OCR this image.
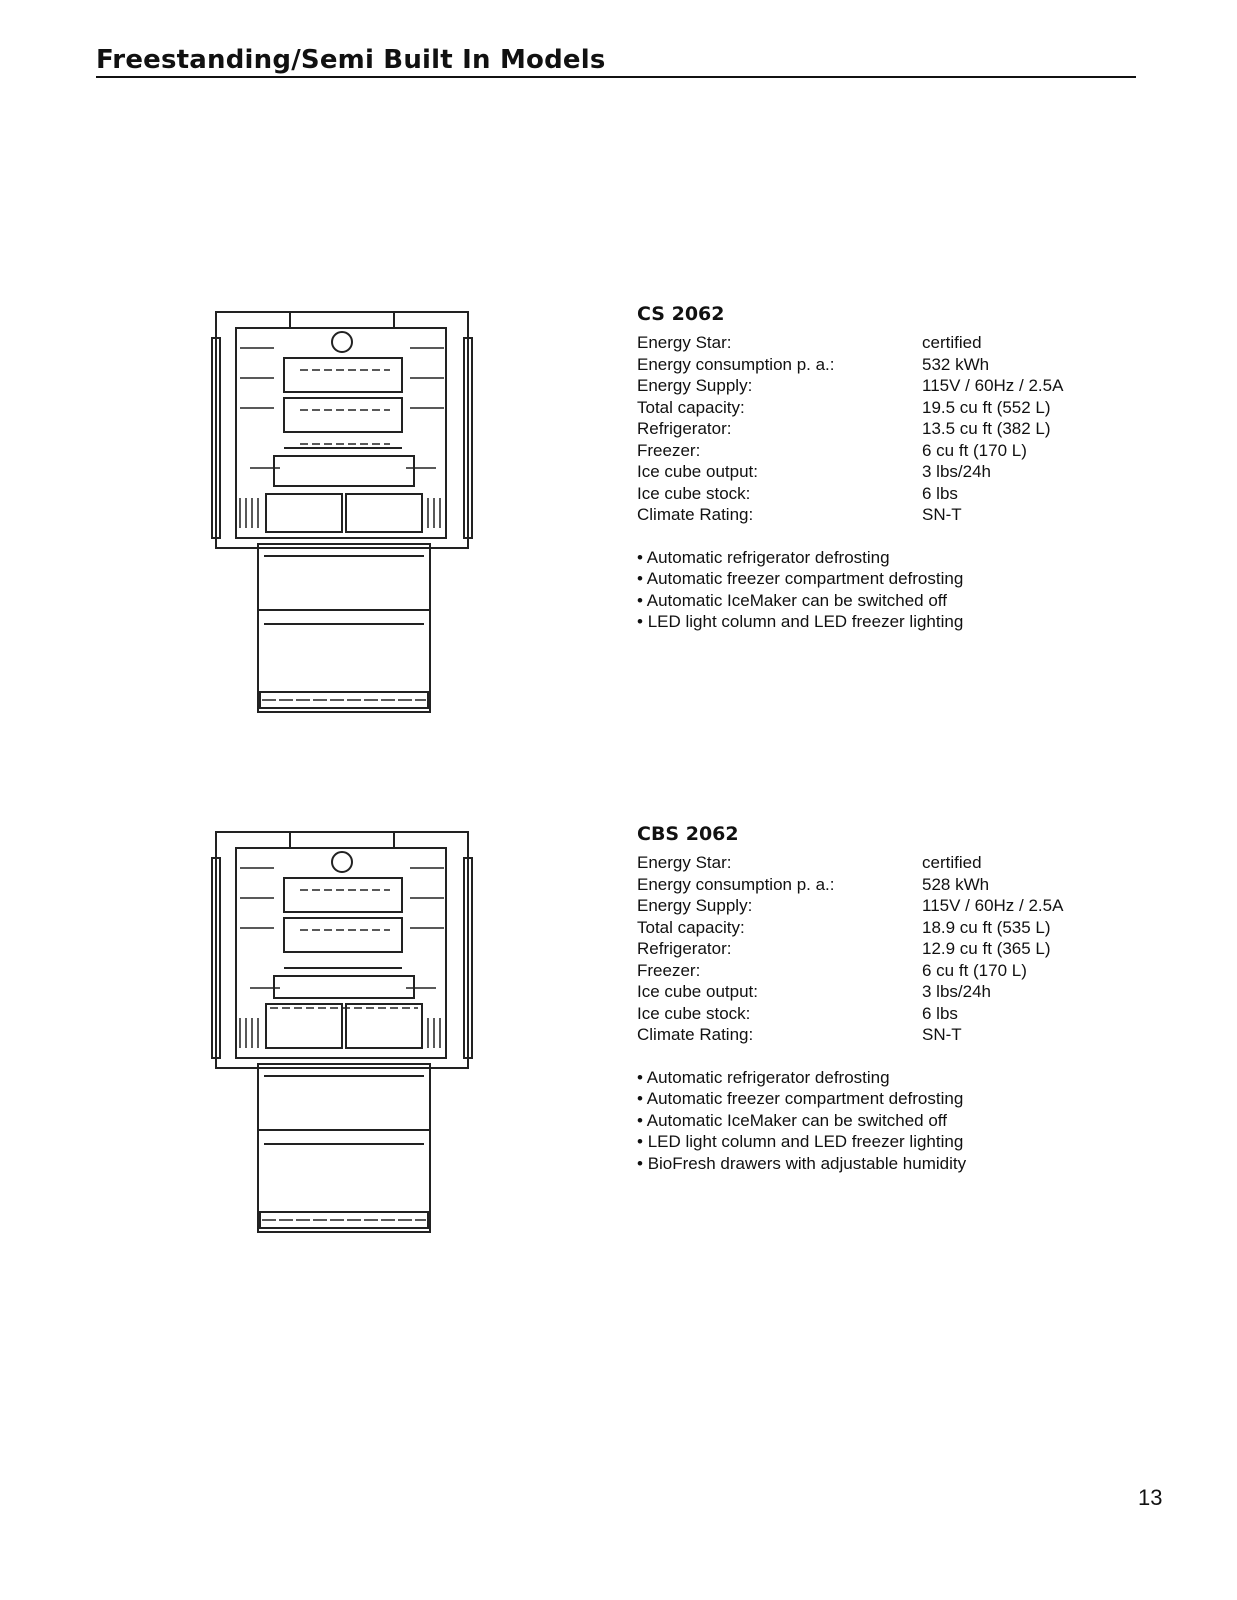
Freestanding/Semi Built In Models
CS 2062
Energy Star:	certified
Energy consumption p. a.:	532 kWh
Energy Supply:	115V / 60Hz / 2.5A
Total capacity:	19.5 cu ft (552 L)
Refrigerator:	13.5 cu ft (382 L)
Freezer:	6 cu ft (170 L)
Ice cube output:	3 lbs/24h
Ice cube stock:	6 lbs
Climate Rating:	SN-T
• Automatic refrigerator defrosting
• Automatic freezer compartment defrosting
• Automatic IceMaker can be switched off
• LED light column and LED freezer lighting
CBS 2062
Energy Star:	certified
Energy consumption p. a.:	528 kWh
Energy Supply:	115V / 60Hz / 2.5A
Total capacity:	18.9 cu ft (535 L)
Refrigerator:	12.9 cu ft (365 L)
Freezer:	6 cu ft (170 L)
Ice cube output:	3 lbs/24h
Ice cube stock:	6 lbs
Climate Rating:	SN-T
• Automatic refrigerator defrosting
• Automatic freezer compartment defrosting
• Automatic IceMaker can be switched off
• LED light column and LED freezer lighting
• BioFresh drawers with adjustable humidity
13
